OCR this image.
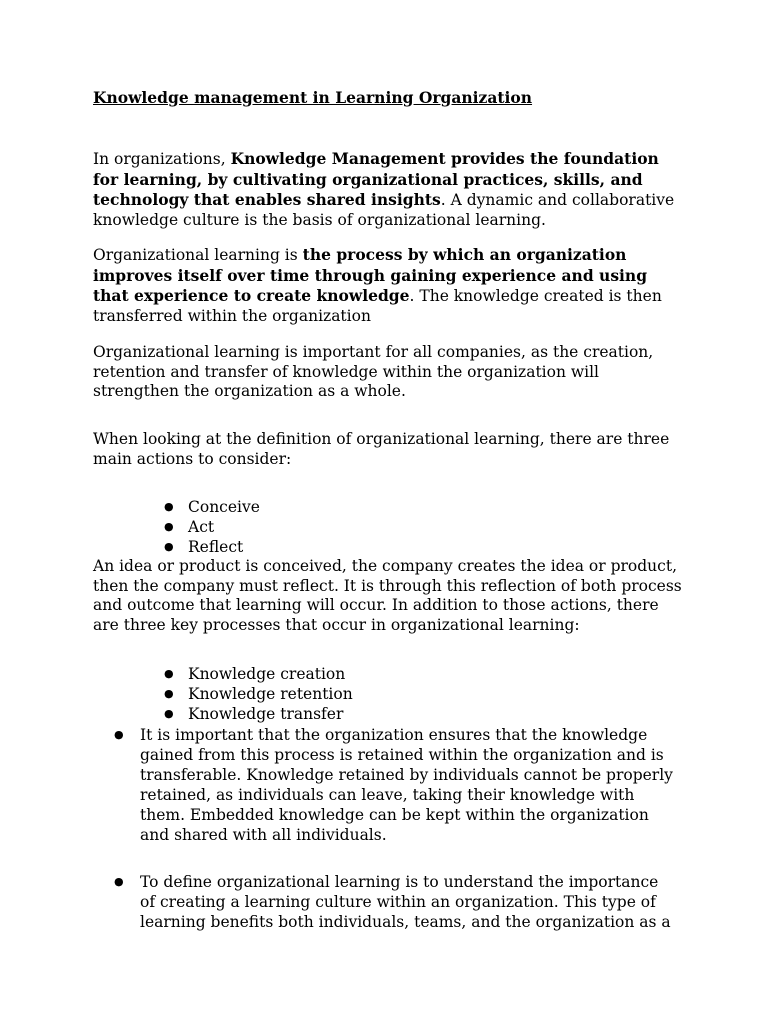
Knowledge management in Learning Organization
In organizations, Knowledge Management provides the foundation for learning, by cultivating organizational practices, skills, and technology that enables shared insights. A dynamic and collaborative knowledge culture is the basis of organizational learning.
Organizational learning is the process by which an organization improves itself over time through gaining experience and using that experience to create knowledge. The knowledge created is then transferred within the organization
Organizational learning is important for all companies, as the creation, retention and transfer of knowledge within the organization will strengthen the organization as a whole.
When looking at the definition of organizational learning, there are three main actions to consider:
● Conceive
● Act
● Reflect
An idea or product is conceived, the company creates the idea or product, then the company must reflect. It is through this reflection of both process and outcome that learning will occur. In addition to those actions, there are three key processes that occur in organizational learning:
● Knowledge creation
● Knowledge retention
● Knowledge transfer
● It is important that the organization ensures that the knowledge gained from this process is retained within the organization and is transferable. Knowledge retained by individuals cannot be properly retained, as individuals can leave, taking their knowledge with them. Embedded knowledge can be kept within the organization and shared with all individuals.
● To define organizational learning is to understand the importance of creating a learning culture within an organization. This type of learning benefits both individuals, teams, and the organization as a
